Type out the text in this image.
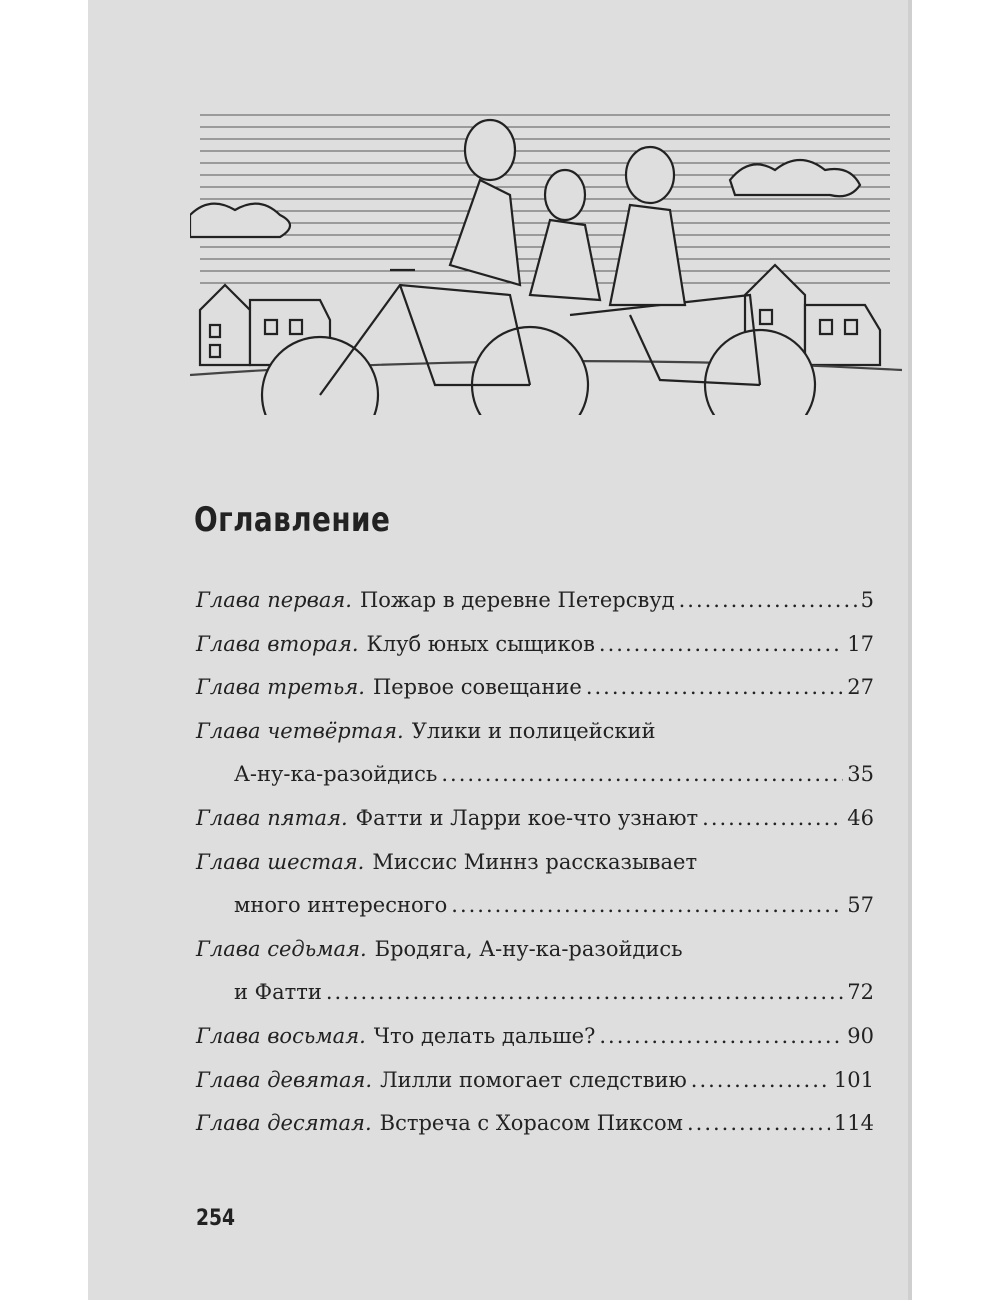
Оглавление
Глава первая. Пожар в деревне Петерсвуд .....	5
Глава вторая. Клуб юных сыщиков .....	17
Глава третья. Первое совещание .....	27
Глава четвёртая. Улики и полицейский
А-ну-ка-разойдись .....	35
Глава пятая. Фатти и Ларри кое-что узнают .....	46
Глава шестая. Миссис Миннз рассказывает
много интересного .....	57
Глава седьмая. Бродяга, А-ну-ка-разойдись
и Фатти .....	72
Глава восьмая. Что делать дальше? .....	90
Глава девятая. Лилли помогает следствию .....	101
Глава десятая. Встреча с Хорасом Пиксом .....	114
254
